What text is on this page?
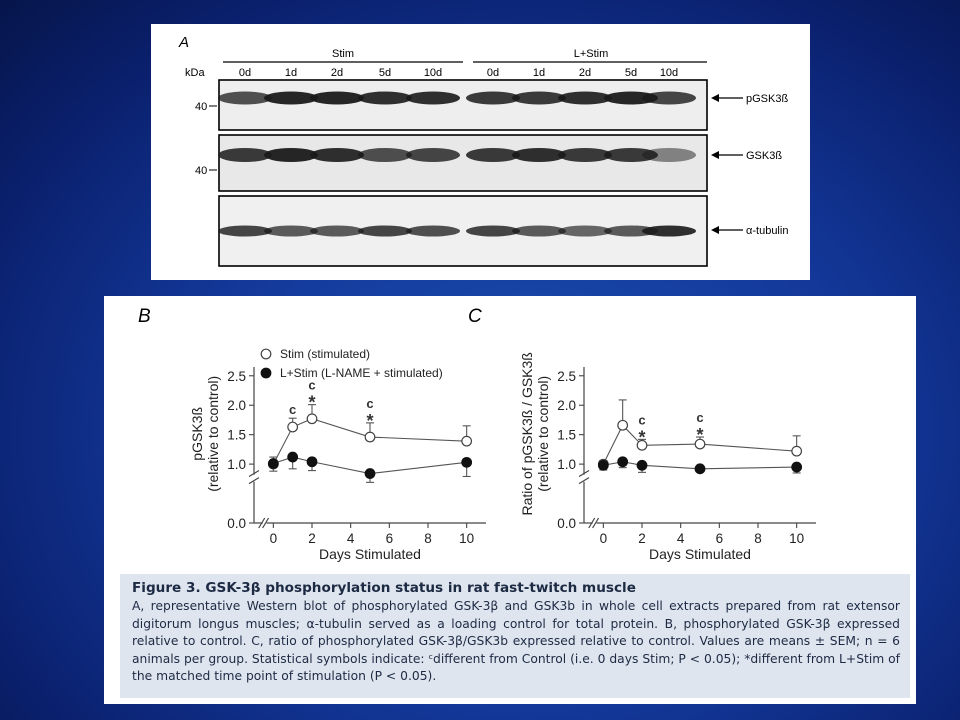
A
kDa
Stim	L+Stim
0d	1d	2d	5d	10d	0d	1d	2d	5d 10d
40
40
pGSK3ß
GSK3ß
α-tubulin
B
0.0
1.0
1.5
2.0
2.5
0 2 4 6 8 10
Days Stimulated
pGSK3ß (relative to control)	c *
c
*
c
Stim (stimulated)
L+Stim (L-NAME + stimulated)
C
0.0
1.0
1.5
2.0
2.5
0 2 4 6 8 10
Days Stimulated
Ratio of pGSK3ß / GSK3ß (relative to control)	*
c
*
c
Figure 3. GSK-3β phosphorylation status in rat fast-twitch muscle
A, representative Western blot of phosphorylated GSK-3β and GSK3b in whole cell extracts prepared from rat extensor digitorum longus muscles; α-tubulin served as a loading control for total protein. B, phosphorylated GSK-3β expressed relative to control. C, ratio of phosphorylated GSK-3β/GSK3b expressed relative to control. Values are means ± SEM; n = 6 animals per group. Statistical symbols indicate: ᶜdifferent from Control (i.e. 0 days Stim; P < 0.05); *different from L+Stim of the matched time point of stimulation (P < 0.05).
